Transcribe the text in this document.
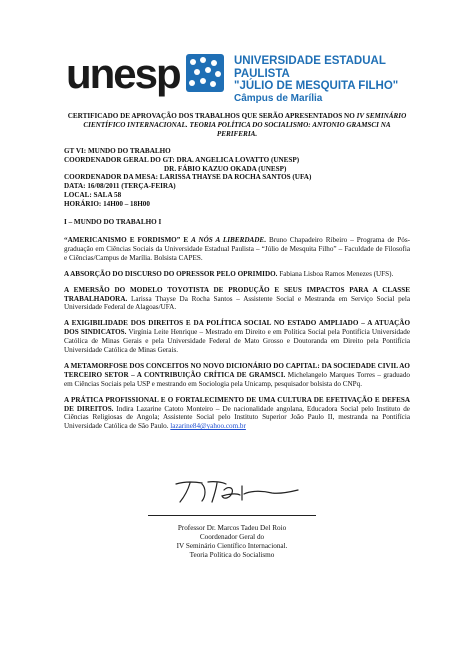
unesp	UNIVERSIDADE ESTADUAL PAULISTA
"JÚLIO DE MESQUITA FILHO"
Câmpus de Marília
CERTIFICADO DE APROVAÇÃO DOS TRABALHOS QUE SERÃO APRESENTADOS NO IV SEMINÁRIO CIENTÍFICO INTERNACIONAL. TEORIA POLÍTICA DO SOCIALISMO: ANTONIO GRAMSCI NA PERIFERIA.
GT VI: MUNDO DO TRABALHO
COORDENADOR GERAL DO GT: DRA. ANGELICA LOVATTO (UNESP)
DR. FÁBIO KAZUO OKADA (UNESP)
COORDENADOR DA MESA: LARISSA THAYSE DA ROCHA SANTOS (UFA)
DATA: 16/08/2011 (TERÇA-FEIRA)
LOCAL: SALA 58
HORÁRIO: 14H00 – 18H00
I – MUNDO DO TRABALHO I

“AMERICANISMO E FORDISMO” E A NÓS A LIBERDADE. Bruno Chapadeiro Ribeiro – Programa de Pós-graduação em Ciências Sociais da Universidade Estadual Paulista – “Júlio de Mesquita Filho” – Faculdade de Filosofia e Ciências/Campus de Marília. Bolsista CAPES.

A ABSORÇÃO DO DISCURSO DO OPRESSOR PELO OPRIMIDO. Fabiana Lisboa Ramos Menezes (UFS).

A EMERSÃO DO MODELO TOYOTISTA DE PRODUÇÃO E SEUS IMPACTOS PARA A CLASSE TRABALHADORA. Larissa Thayse Da Rocha Santos – Assistente Social e Mestranda em Serviço Social pela Universidade Federal de Alagoas/UFA.

A EXIGIBILIDADE DOS DIREITOS E DA POLÍTICA SOCIAL NO ESTADO AMPLIADO – A ATUAÇÃO DOS SINDICATOS. Virgínia Leite Henrique – Mestrado em Direito e em Política Social pela Pontifícia Universidade Católica de Minas Gerais e pela Universidade Federal de Mato Grosso e Doutoranda em Direito pela Pontifícia Universidade Católica de Minas Gerais.

A METAMORFOSE DOS CONCEITOS NO NOVO DICIONÁRIO DO CAPITAL: DA SOCIEDADE CIVIL AO TERCEIRO SETOR – A CONTRIBUIÇÃO CRÍTICA DE GRAMSCI. Michelangelo Marques Torres – graduado em Ciências Sociais pela USP e mestrando em Sociologia pela Unicamp, pesquisador bolsista do CNPq.

A PRÁTICA PROFISSIONAL E O FORTALECIMENTO DE UMA CULTURA DE EFETIVAÇÃO E DEFESA DE DIREITOS. Indira Lazarine Catoto Monteiro – De nacionalidade angolana, Educadora Social pelo Instituto de Ciências Religiosas de Angola; Assistente Social pelo Instituto Superior João Paulo II, mestranda na Pontifícia Universidade Católica de São Paulo. lazarine84@yahoo.com.br

Professor Dr. Marcos Tadeu Del Roio
Coordenador Geral do
IV Seminário Científico Internacional.
Teoria Política do Socialismo
